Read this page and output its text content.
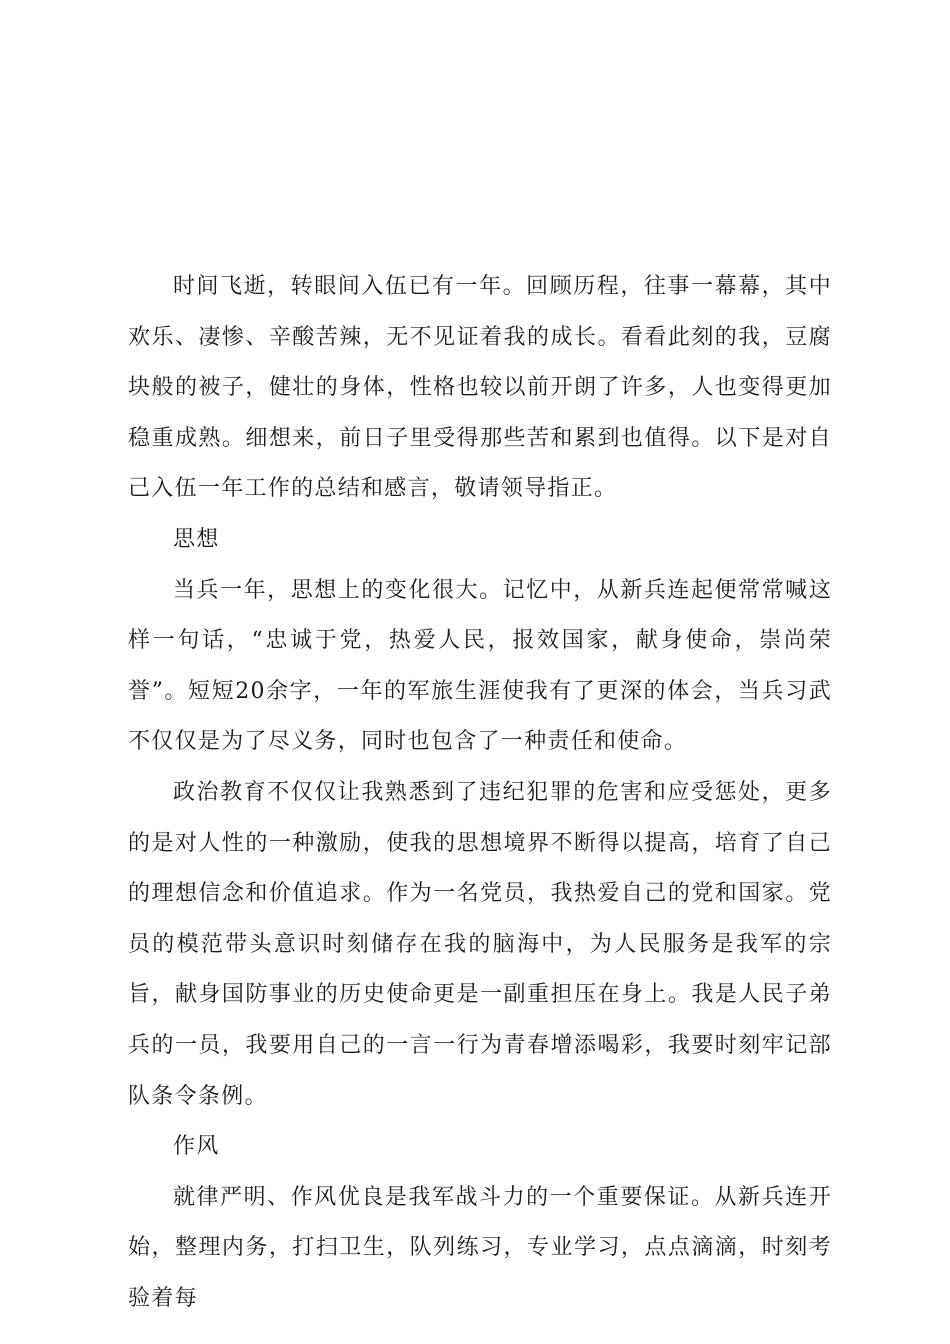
时间飞逝，转眼间入伍已有一年。回顾历程，往事一幕幕，其中欢乐、凄惨、辛酸苦辣，无不见证着我的成长。看看此刻的我，豆腐块般的被子，健壮的身体，性格也较以前开朗了许多，人也变得更加稳重成熟。细想来，前日子里受得那些苦和累到也值得。以下是对自己入伍一年工作的总结和感言，敬请领导指正。

思想

当兵一年，思想上的变化很大。记忆中，从新兵连起便常常喊这样一句话，“忠诚于党，热爱人民，报效国家，献身使命，崇尚荣誉”。短短20余字，一年的军旅生涯使我有了更深的体会，当兵习武不仅仅是为了尽义务，同时也包含了一种责任和使命。

政治教育不仅仅让我熟悉到了违纪犯罪的危害和应受惩处，更多的是对人性的一种激励，使我的思想境界不断得以提高，培育了自己的理想信念和价值追求。作为一名党员，我热爱自己的党和国家。党员的模范带头意识时刻储存在我的脑海中，为人民服务是我军的宗旨，献身国防事业的历史使命更是一副重担压在身上。我是人民子弟兵的一员，我要用自己的一言一行为青春增添喝彩，我要时刻牢记部队条令条例。

作风

就律严明、作风优良是我军战斗力的一个重要保证。从新兵连开始，整理内务，打扫卫生，队列练习，专业学习，点点滴滴，时刻考验着每
